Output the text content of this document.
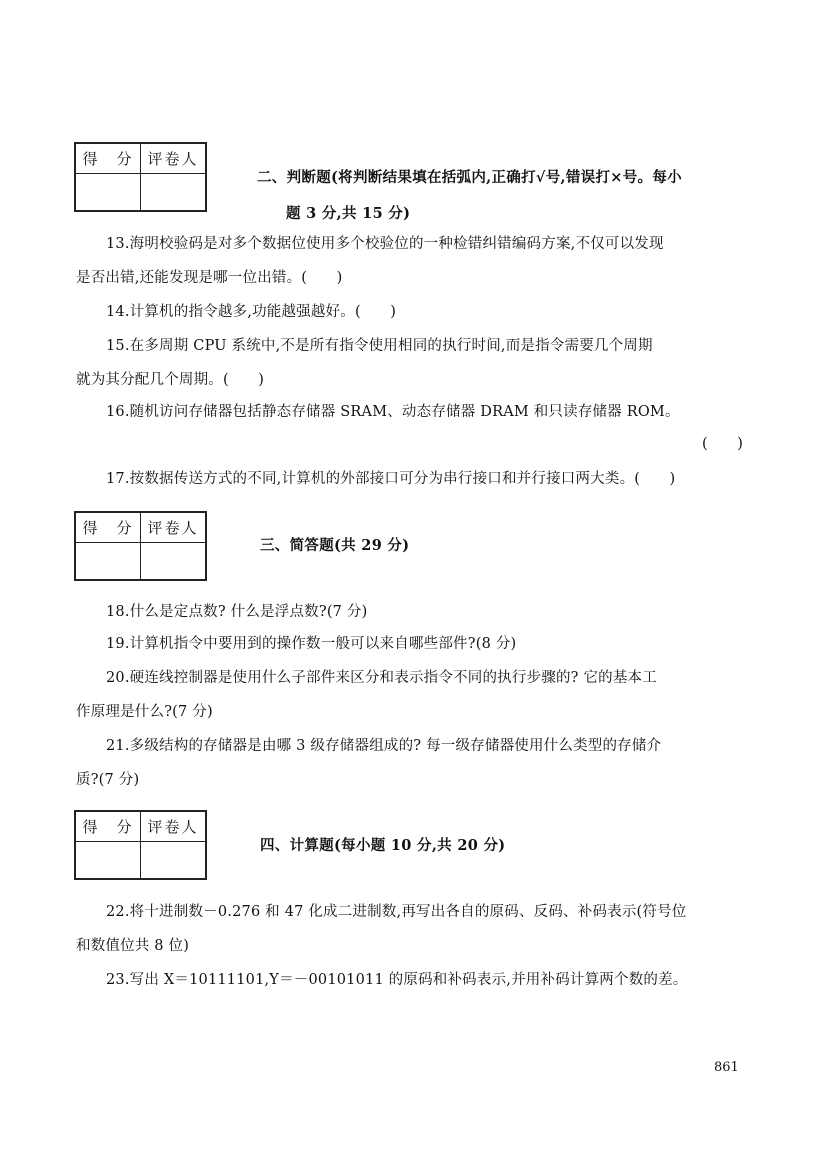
得　分	评卷人

二、判断题(将判断结果填在括弧内,正确打√号,错误打×号。每小
题 3 分,共 15 分)
13.海明校验码是对多个数据位使用多个校验位的一种检错纠错编码方案,不仅可以发现
是否出错,还能发现是哪一位出错。(　　)
14.计算机的指令越多,功能越强越好。(　　)
15.在多周期 CPU 系统中,不是所有指令使用相同的执行时间,而是指令需要几个周期
就为其分配几个周期。(　　)
16.随机访问存储器包括静态存储器 SRAM、动态存储器 DRAM 和只读存储器 ROM。
(　　)
17.按数据传送方式的不同,计算机的外部接口可分为串行接口和并行接口两大类。(　　)
得　分	评卷人

三、简答题(共 29 分)
18.什么是定点数? 什么是浮点数?(7 分)
19.计算机指令中要用到的操作数一般可以来自哪些部件?(8 分)
20.硬连线控制器是使用什么子部件来区分和表示指令不同的执行步骤的? 它的基本工
作原理是什么?(7 分)
21.多级结构的存储器是由哪 3 级存储器组成的? 每一级存储器使用什么类型的存储介
质?(7 分)
得　分	评卷人

四、计算题(每小题 10 分,共 20 分)
22.将十进制数－0.276 和 47 化成二进制数,再写出各自的原码、反码、补码表示(符号位
和数值位共 8 位)
23.写出 X＝10111101,Y＝－00101011 的原码和补码表示,并用补码计算两个数的差。
861
